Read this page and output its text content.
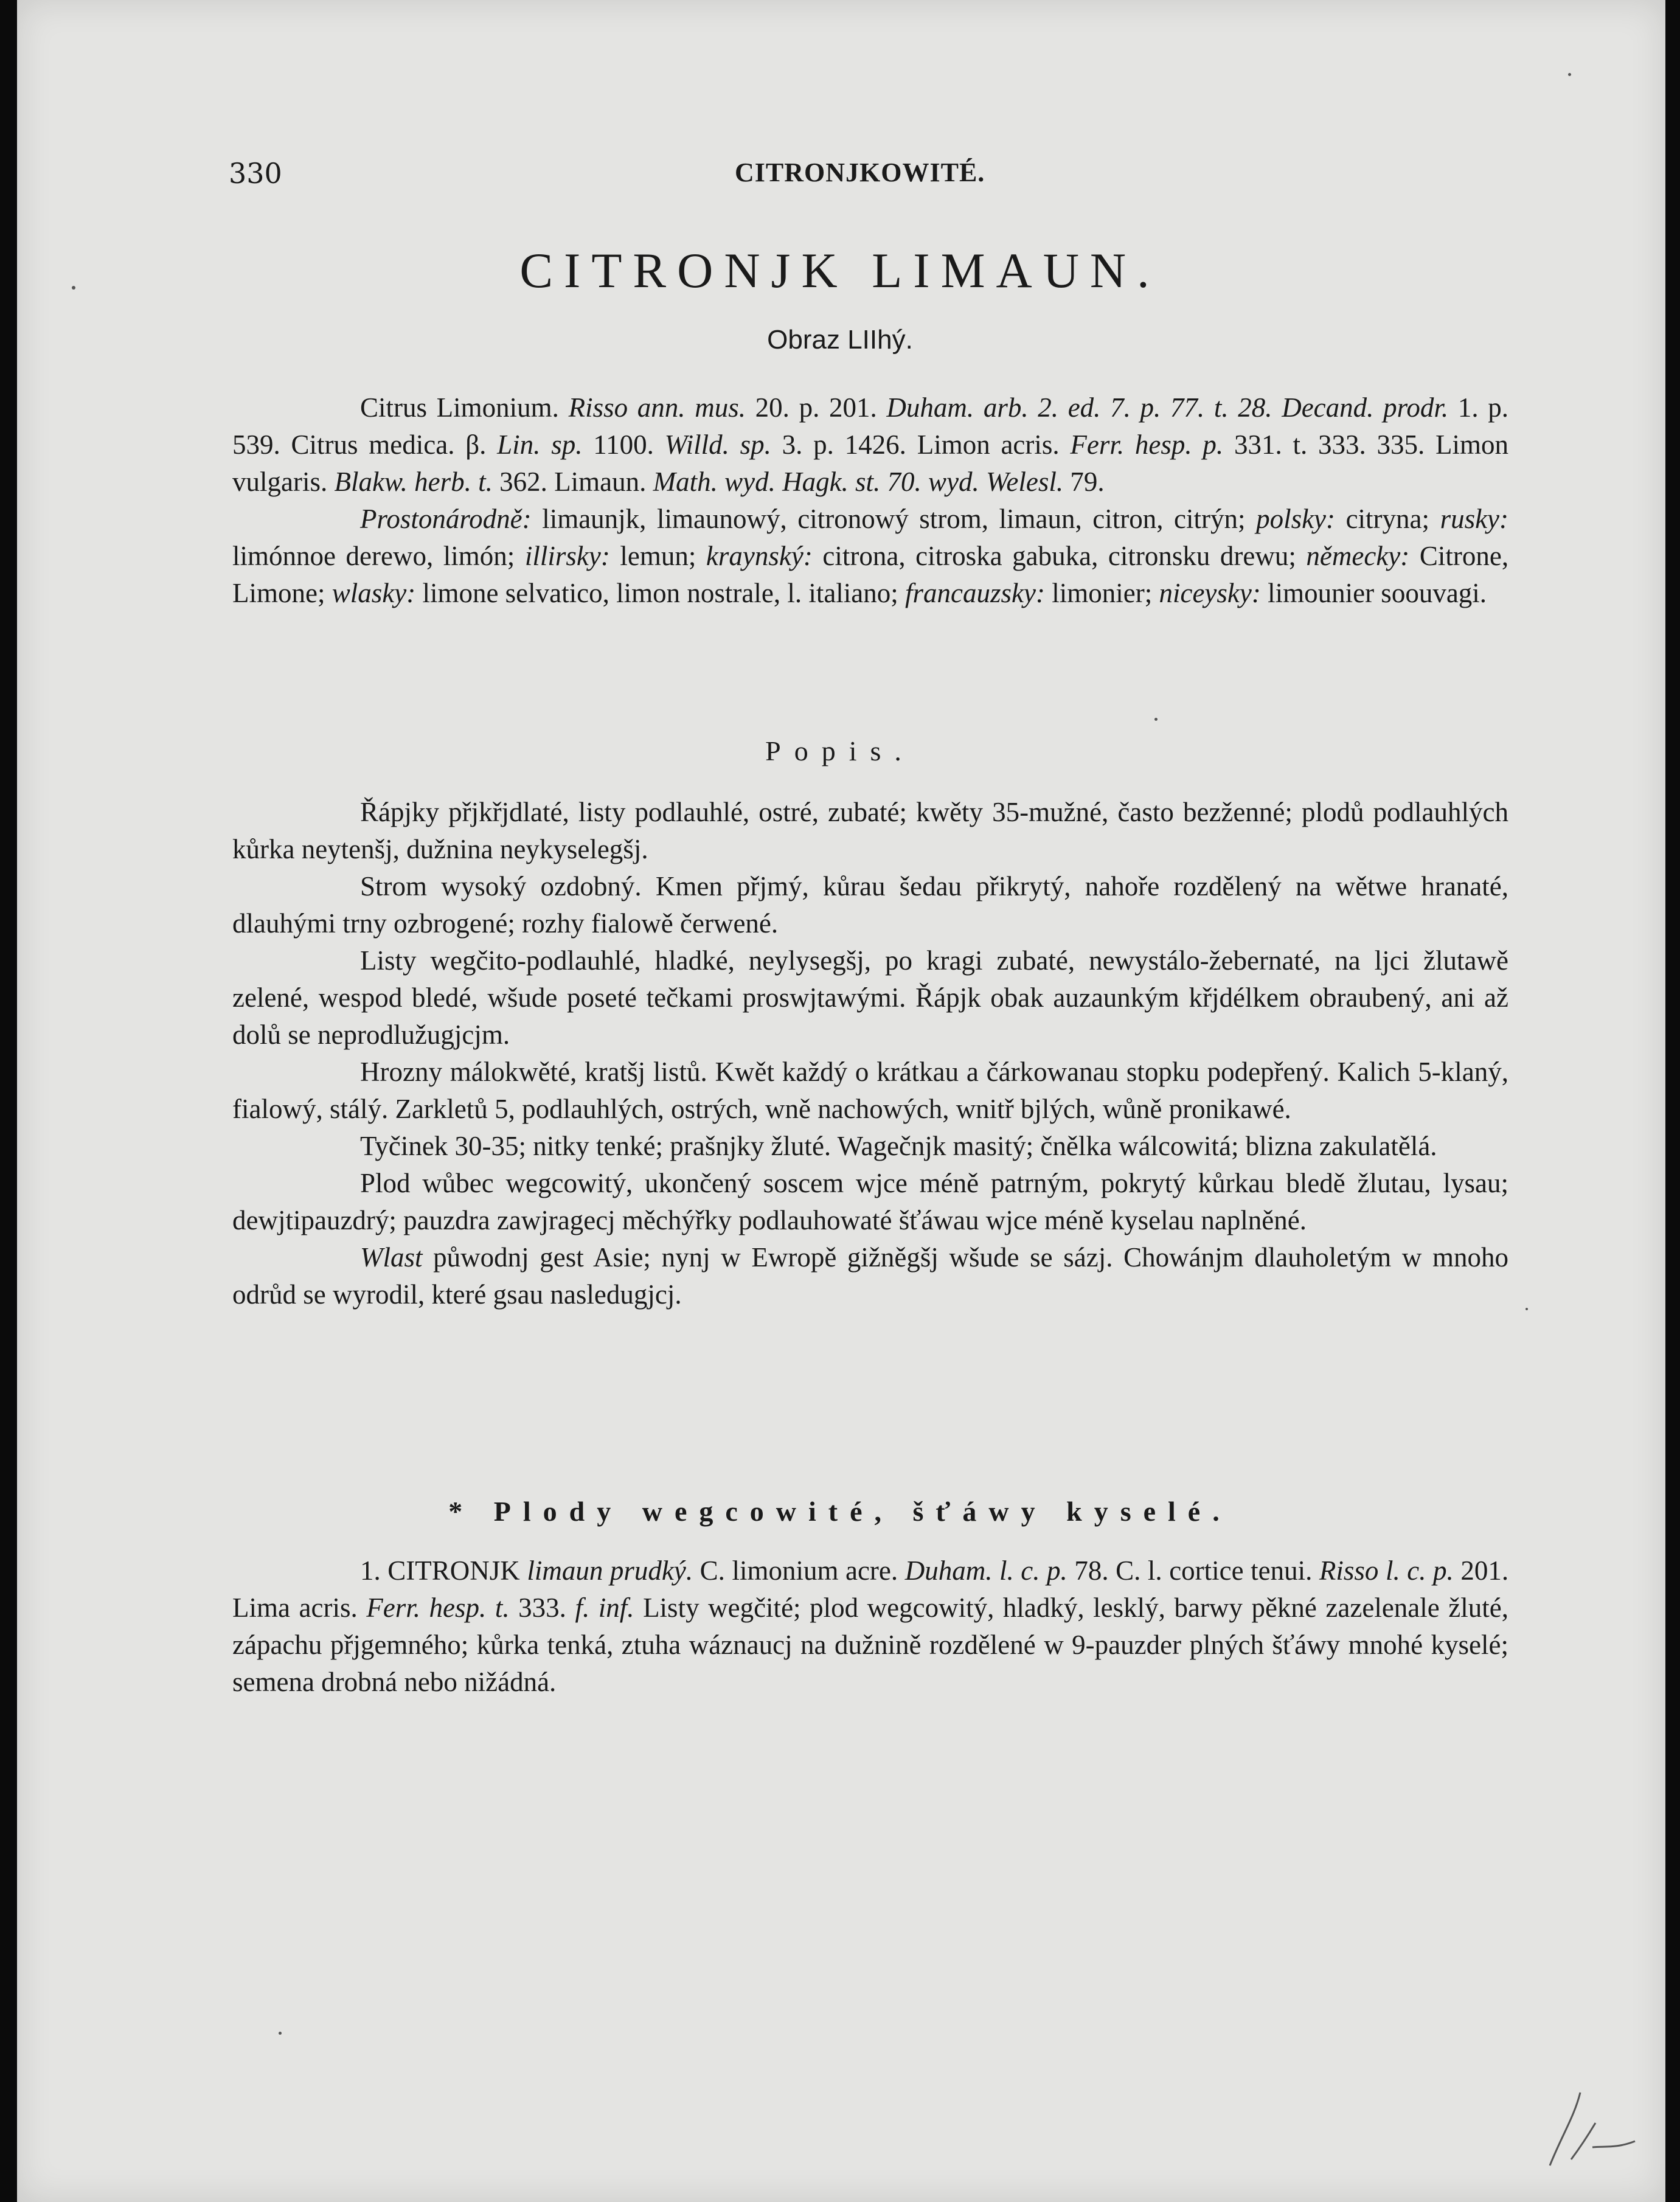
330	CITRONJKOWITÉ.
CITRONJK LIMAUN.
Obraz LIIhý.

Citrus Limonium. Risso ann. mus. 20. p. 201. Duham. arb. 2. ed. 7. p. 77. t. 28. Decand. prodr. 1. p. 539. Citrus medica. β. Lin. sp. 1100. Willd. sp. 3. p. 1426. Limon acris. Ferr. hesp. p. 331. t. 333. 335. Limon vulgaris. Blakw. herb. t. 362. Limaun. Math. wyd. Hagk. st. 70. wyd. Welesl. 79.

Prostonárodně: limaunjk, limaunowý, citronowý strom, limaun, citron, citrýn; polsky: citryna; rusky: limónnoe derewo, limón; illirsky: lemun; kraynský: citrona, citroska gabuka, citronsku drewu; německy: Citrone, Limone; wlasky: limone selvatico, limon nostrale, l. italiano; francauzsky: limonier; niceysky: limounier soouvagi.

Popis.

Řápjky přjkřjdlaté, listy podlauhlé, ostré, zubaté; kwěty 35-mužné, často bezženné; plodů podlauhlých kůrka neytenšj, dužnina neykyselegšj.

Strom wysoký ozdobný. Kmen přjmý, kůrau šedau přikrytý, nahoře rozdělený na wětwe hranaté, dlauhými trny ozbrogené; rozhy fialowě čerwené.

Listy wegčito-podlauhlé, hladké, neylysegšj, po kragi zubaté, newystálo-žebernaté, na ljci žlutawě zelené, wespod bledé, wšude poseté tečkami proswjtawými. Řápjk obak auzaunkým křjdélkem obraubený, ani až dolů se neprodlužugjcjm.

Hrozny málokwěté, kratšj listů. Kwět každý o krátkau a čárkowanau stopku podepřený. Kalich 5-klaný, fialowý, stálý. Zarkletů 5, podlauhlých, ostrých, wně nachowých, wnitř bjlých, wůně pronikawé.

Tyčinek 30-35; nitky tenké; prašnjky žluté. Wagečnjk masitý; čnělka wálcowitá; blizna zakulatělá.

Plod wůbec wegcowitý, ukončený soscem wjce méně patrným, pokrytý kůrkau bledě žlutau, lysau; dewjtipauzdrý; pauzdra zawjragecj měchýřky podlauhowaté šťáwau wjce méně kyselau naplněné.

Wlast půwodnj gest Asie; nynj w Ewropě gižněgšj wšude se sázj. Chowánjm dlauholetým w mnoho odrůd se wyrodil, které gsau nasledugjcj.

* Plody wegcowité, šťáwy kyselé.

1. CITRONJK limaun prudký. C. limonium acre. Duham. l. c. p. 78. C. l. cortice tenui. Risso l. c. p. 201. Lima acris. Ferr. hesp. t. 333. f. inf. Listy wegčité; plod wegcowitý, hladký, lesklý, barwy pěkné zazelenale žluté, zápachu přjgemného; kůrka tenká, ztuha wáznaucj na dužnině rozdělené w 9-pauzder plných šťáwy mnohé kyselé; semena drobná nebo nižádná.
